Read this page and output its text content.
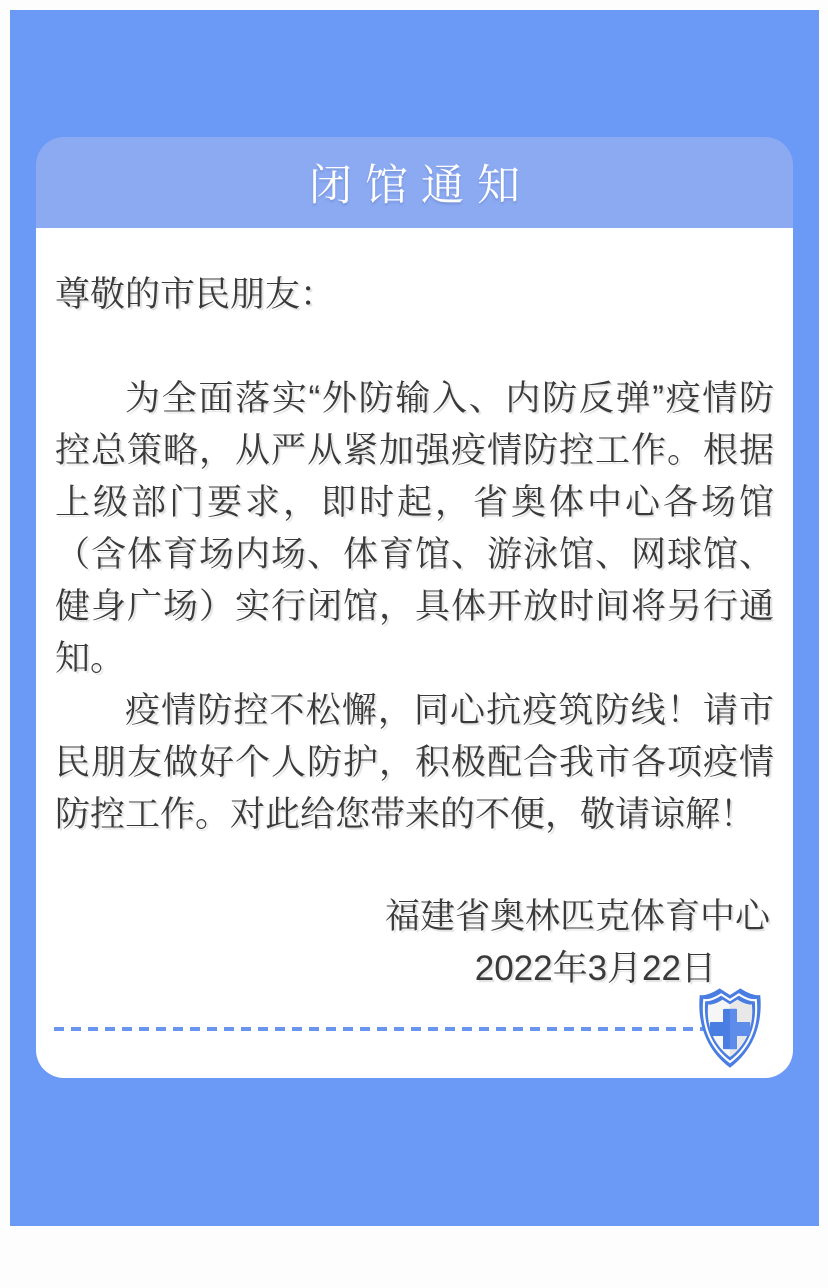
闭馆通知

尊敬的市民朋友：

为全面落实“外防输入、内防反弹”疫情防控总策略，从严从紧加强疫情防控工作。根据上级部门要求，即时起，省奥体中心各场馆（含体育场内场、体育馆、游泳馆、网球馆、健身广场）实行闭馆，具体开放时间将另行通知。

疫情防控不松懈，同心抗疫筑防线！请市民朋友做好个人防护，积极配合我市各项疫情防控工作。对此给您带来的不便，敬请谅解！

福建省奥林匹克体育中心

2022年3月22日
